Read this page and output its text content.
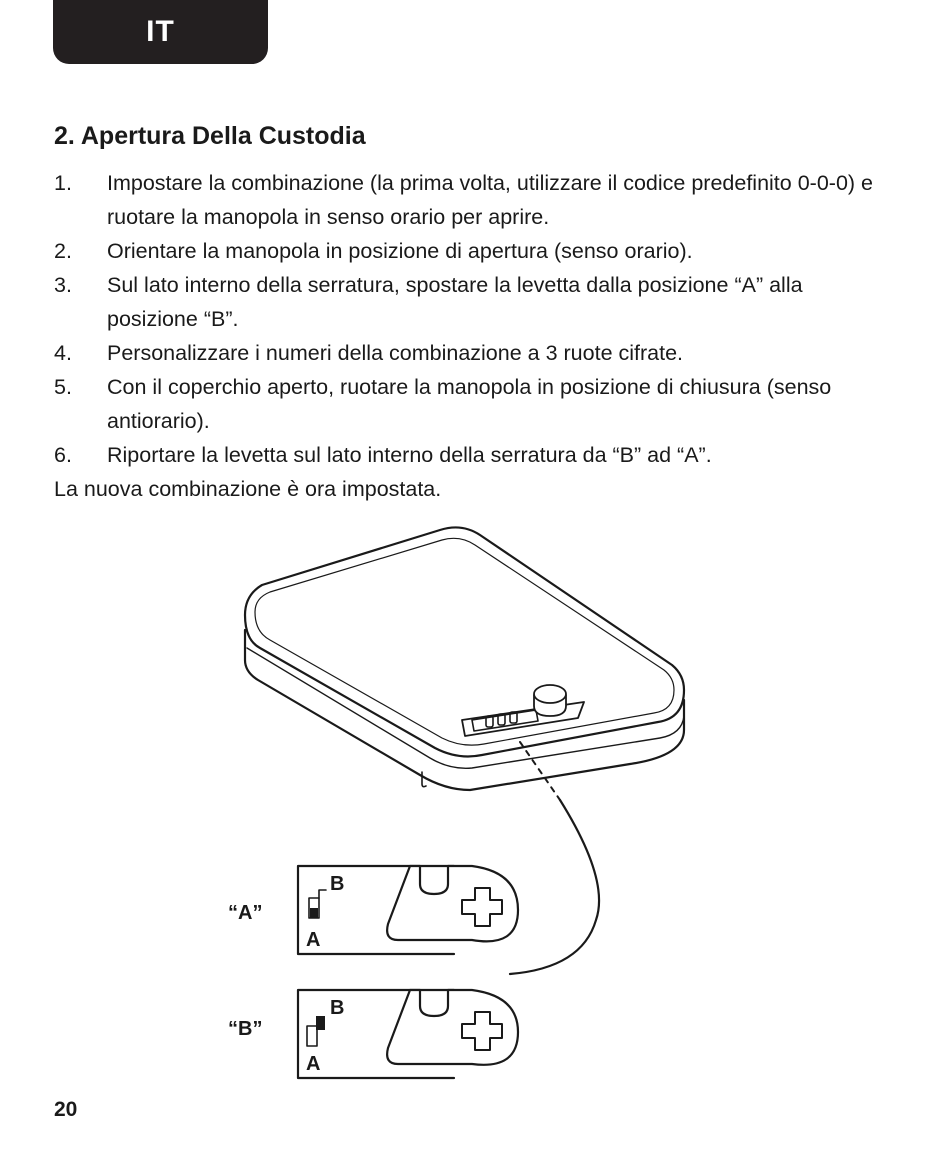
IT
2. Apertura Della Custodia
1.	Impostare la combinazione (la prima volta, utilizzare il codice predefinito 0-0-0) e ruotare la manopola in senso orario per aprire.
2.	Orientare la manopola in posizione di apertura (senso orario).
3.	Sul lato interno della serratura, spostare la levetta dalla posizione “A” alla posizione “B”.
4.	Personalizzare i numeri della combinazione a 3 ruote cifrate.
5.	Con il coperchio aperto, ruotare la manopola in posizione di chiusura (senso antiorario).
6.	Riportare la levetta sul lato interno della serratura da “B” ad “A”.

La nuova combinazione è ora impostata.

B
A
B
A
“A”
“B”
20
